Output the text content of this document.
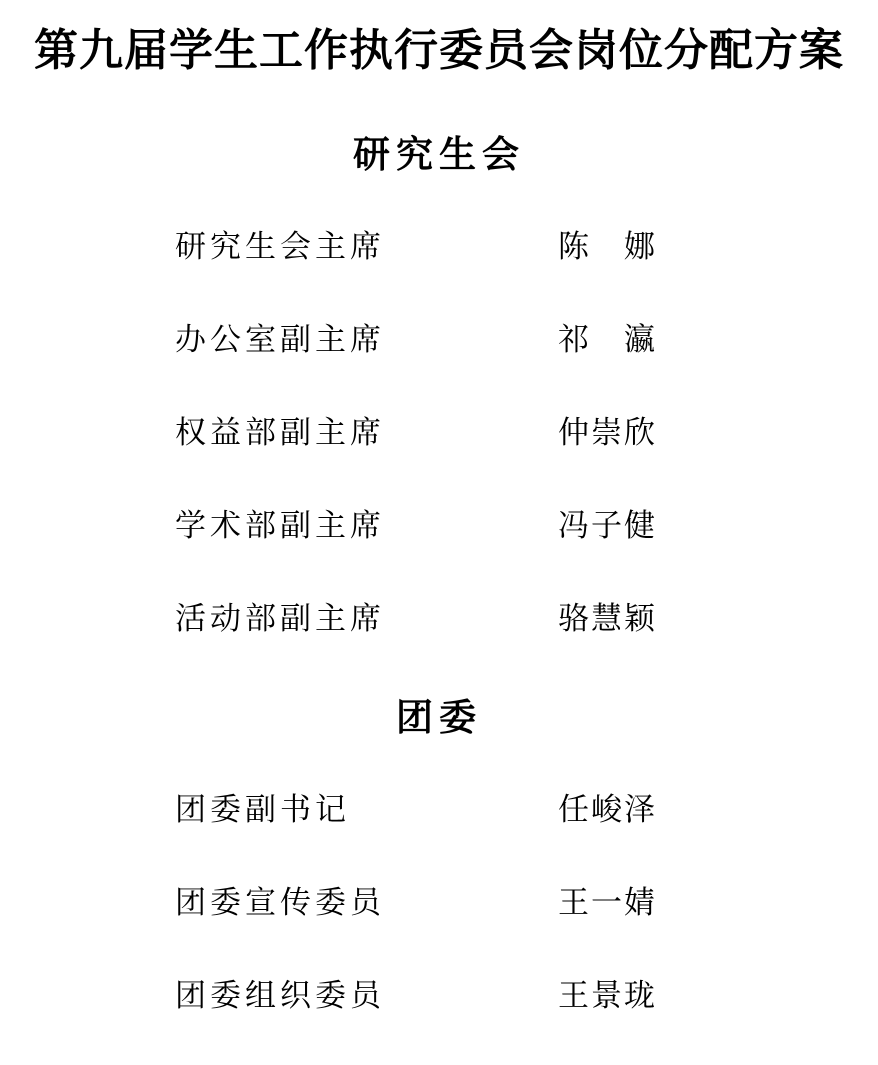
第九届学生工作执行委员会岗位分配方案
研究生会
研究生会主席	陈　娜
办公室副主席	祁　瀛
权益部副主席	仲崇欣
学术部副主席	冯子健
活动部副主席	骆慧颖
团委
团委副书记	任峻泽
团委宣传委员	王一婧
团委组织委员	王景珑
